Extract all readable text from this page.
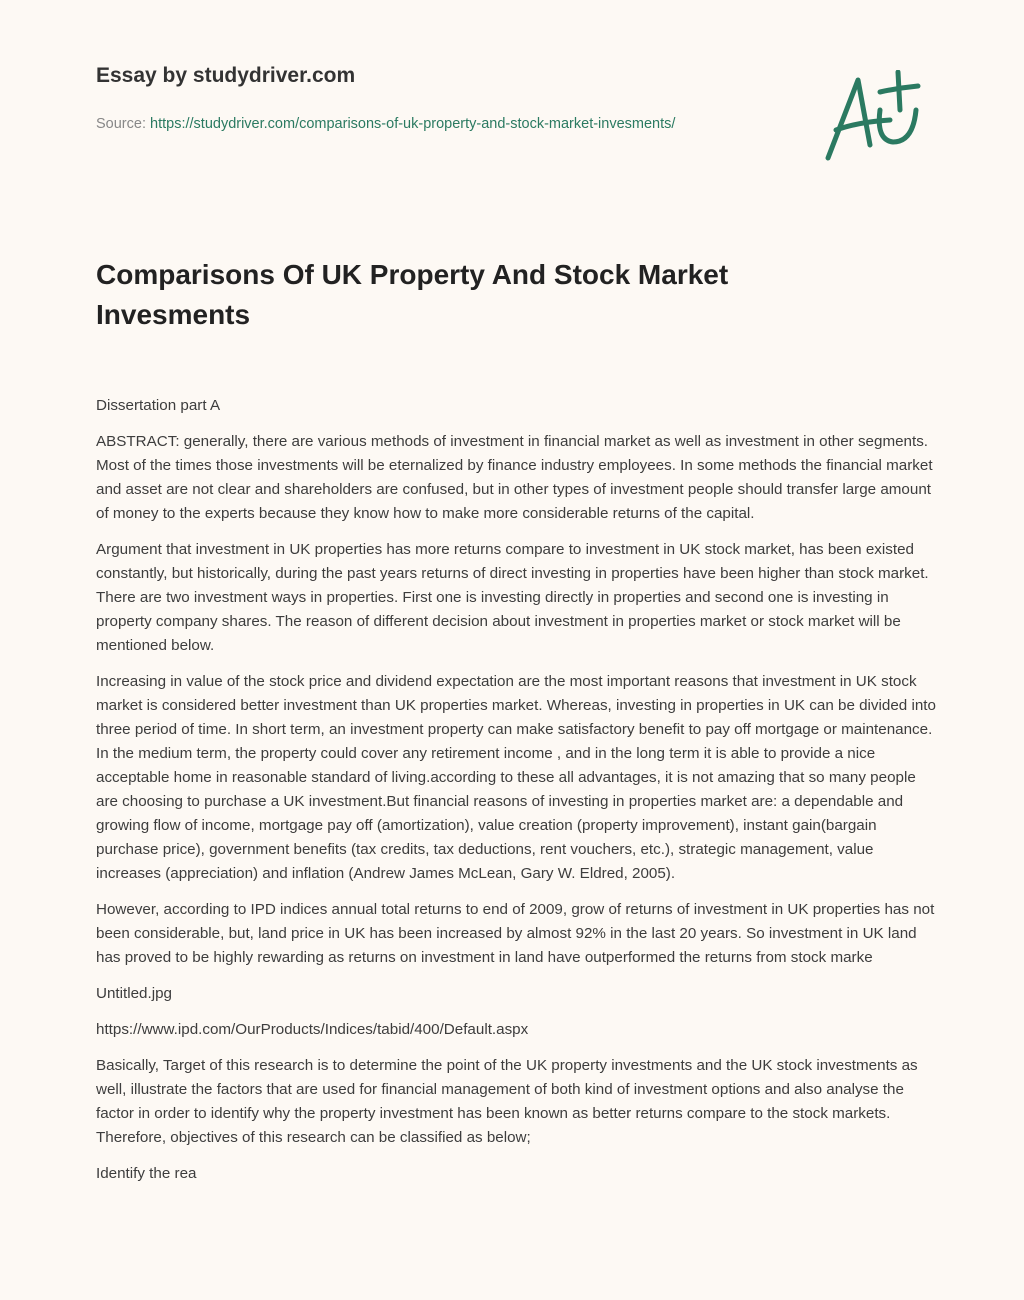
Essay by studydriver.com
Source: https://studydriver.com/comparisons-of-uk-property-and-stock-market-invesments/
Comparisons Of UK Property And Stock Market Invesments

Dissertation part A

ABSTRACT: generally, there are various methods of investment in financial market as well as investment in other segments. Most of the times those investments will be eternalized by finance industry employees. In some methods the financial market and asset are not clear and shareholders are confused, but in other types of investment people should transfer large amount of money to the experts because they know how to make more considerable returns of the capital.

Argument that investment in UK properties has more returns compare to investment in UK stock market, has been existed constantly, but historically, during the past years returns of direct investing in properties have been higher than stock market. There are two investment ways in properties. First one is investing directly in properties and second one is investing in property company shares. The reason of different decision about investment in properties market or stock market will be mentioned below.

Increasing in value of the stock price and dividend expectation are the most important reasons that investment in UK stock market is considered better investment than UK properties market. Whereas, investing in properties in UK can be divided into three period of time. In short term, an investment property can make satisfactory benefit to pay off mortgage or maintenance. In the medium term, the property could cover any retirement income , and in the long term it is able to provide a nice acceptable home in reasonable standard of living.according to these all advantages, it is not amazing that so many people are choosing to purchase a UK investment.But financial reasons of investing in properties market are: a dependable and growing flow of income, mortgage pay off (amortization), value creation (property improvement), instant gain(bargain purchase price), government benefits (tax credits, tax deductions, rent vouchers, etc.), strategic management, value increases (appreciation) and inflation (Andrew James McLean, Gary W. Eldred, 2005).

However, according to IPD indices annual total returns to end of 2009, grow of returns of investment in UK properties has not been considerable, but, land price in UK has been increased by almost 92% in the last 20 years. So investment in UK land has proved to be highly rewarding as returns on investment in land have outperformed the returns from stock marke

Untitled.jpg

https://www.ipd.com/OurProducts/Indices/tabid/400/Default.aspx

Basically, Target of this research is to determine the point of the UK property investments and the UK stock investments as well, illustrate the factors that are used for financial management of both kind of investment options and also analyse the factor in order to identify why the property investment has been known as better returns compare to the stock markets. Therefore, objectives of this research can be classified as below;

Identify the rea
